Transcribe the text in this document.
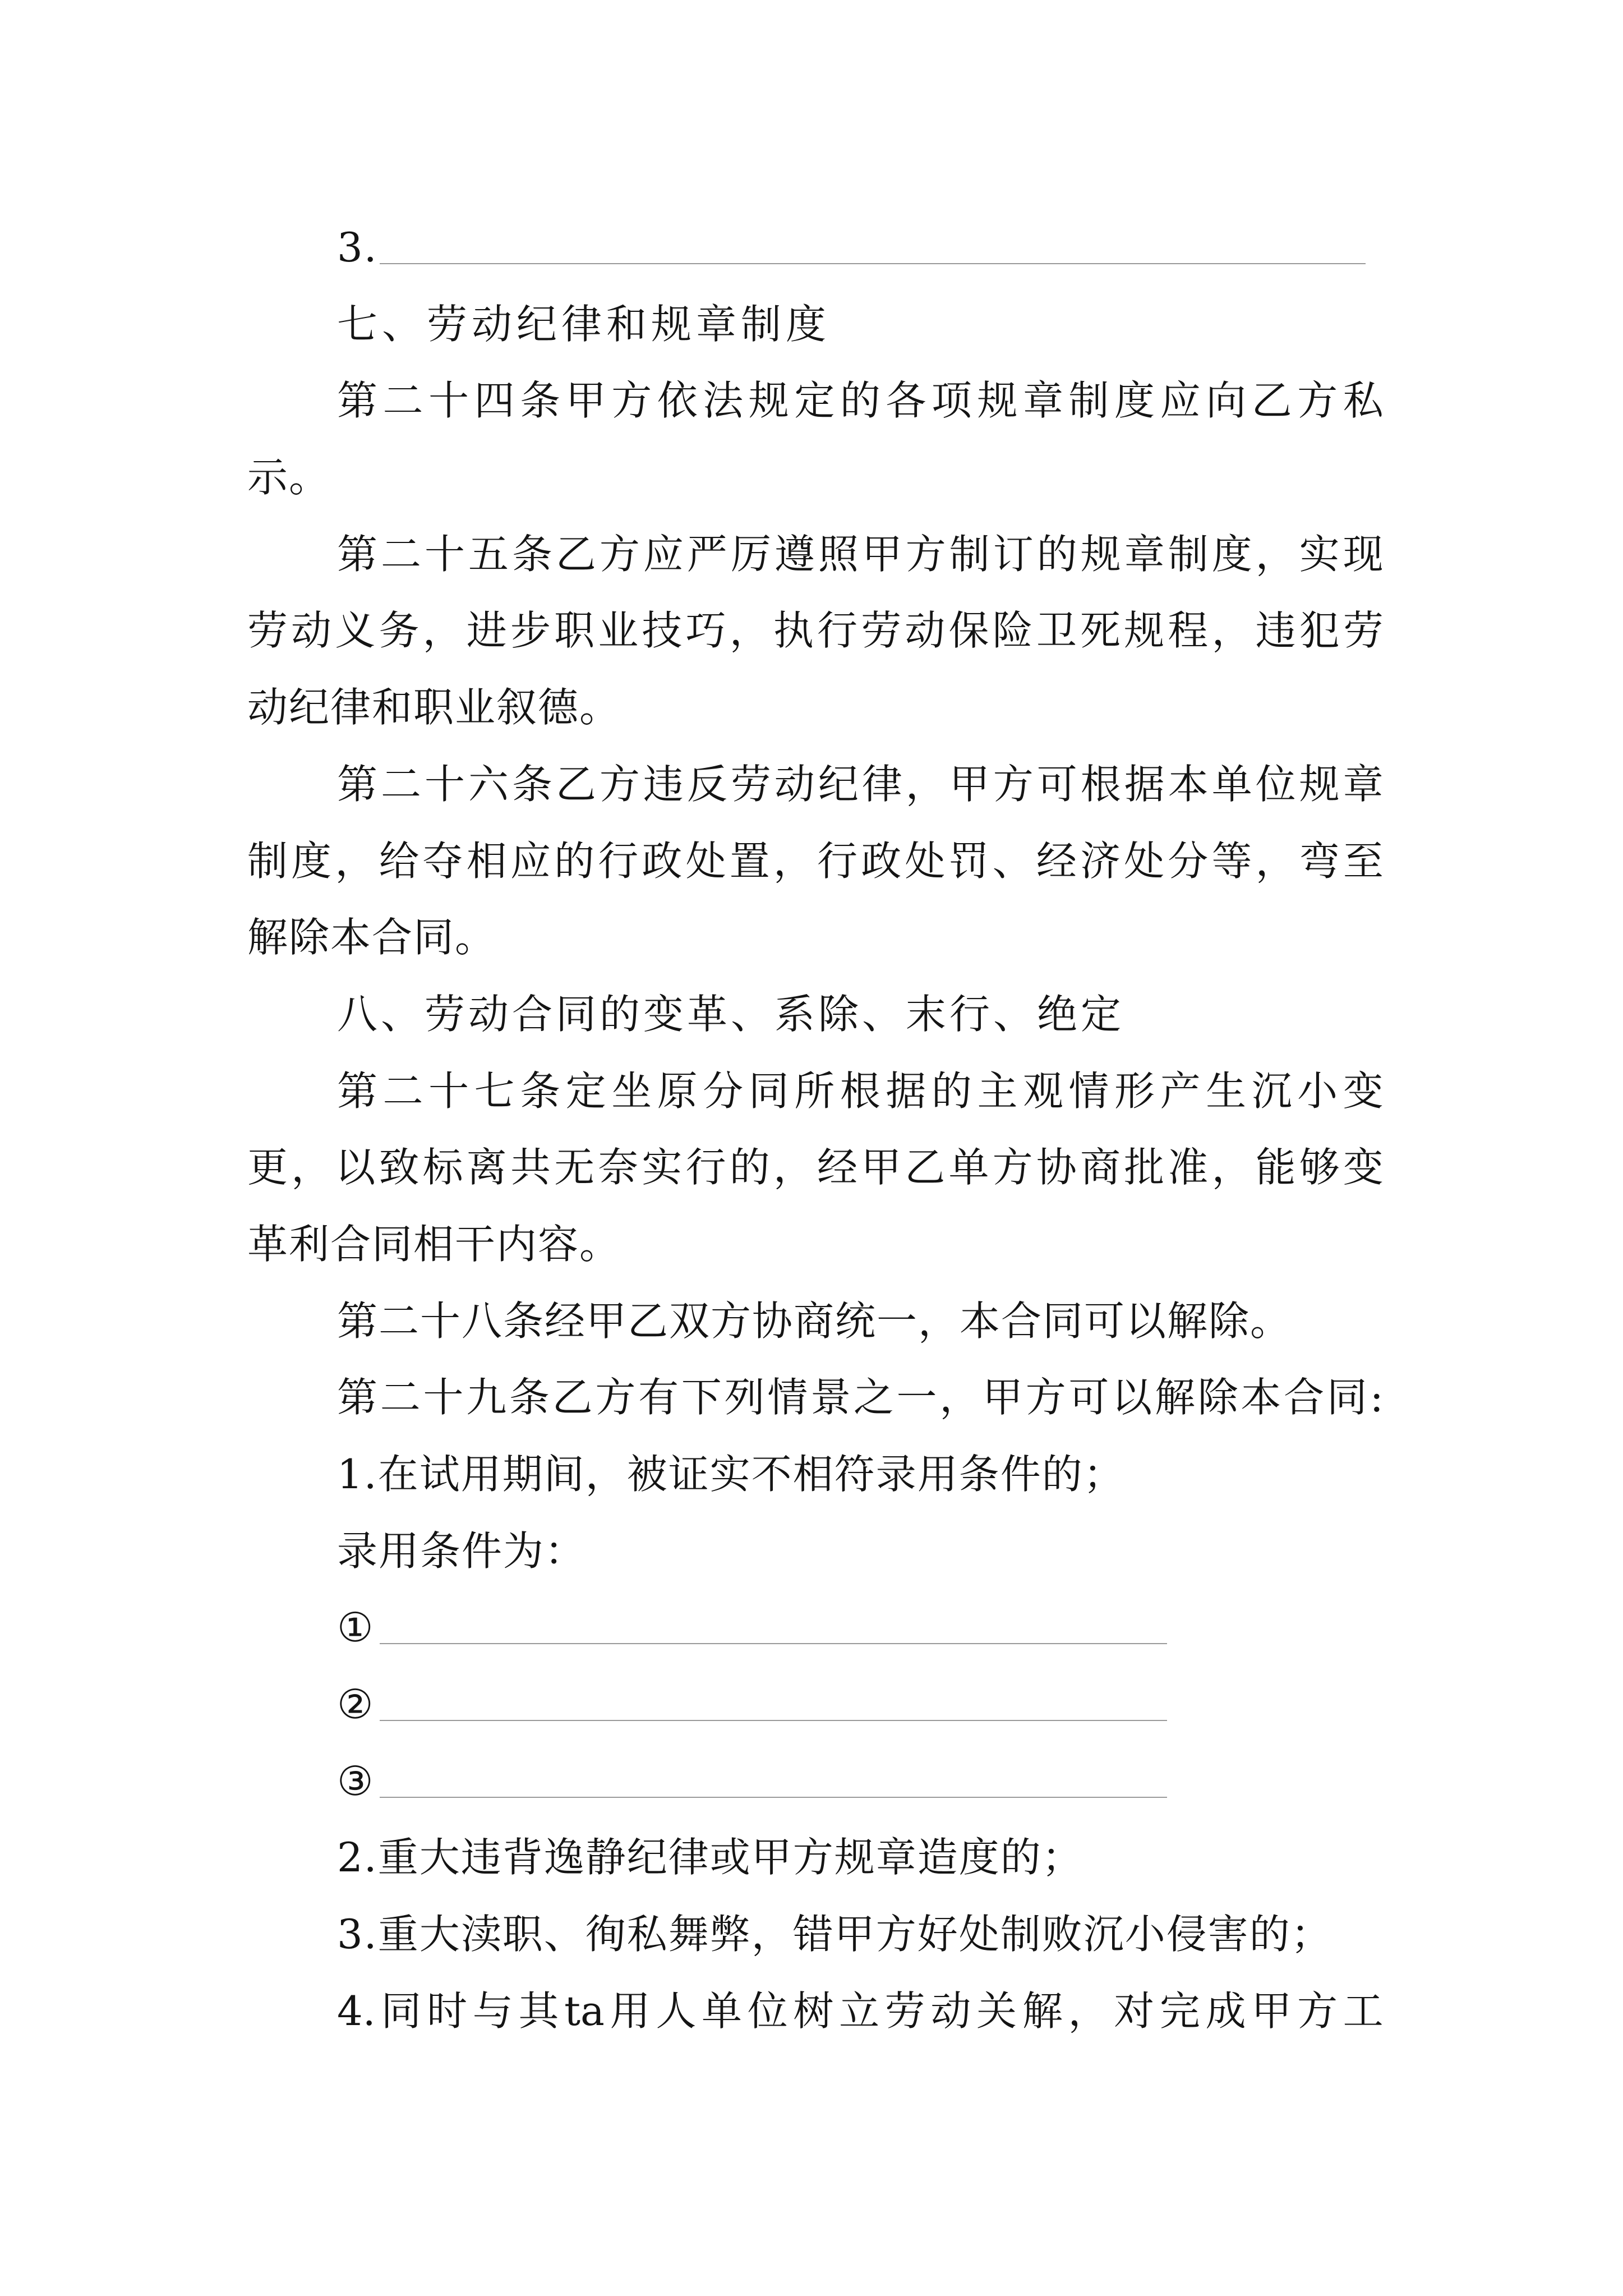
3.
七、劳动纪律和规章制度
第 二 十 四 条 甲 方 依 法 规 定 的 各 项 规 章 制 度 应 向 乙 方 私
示。
第 二 十 五 条 乙 方 应 严 厉 遵 照 甲 方 制 订 的 规 章 制 度 ， 实 现
劳 动 义 务 ， 进 步 职 业 技 巧 ， 执 行 劳 动 保 险 卫 死 规 程 ， 违 犯 劳
动纪律和职业叙德。
第 二 十 六 条 乙 方 违 反 劳 动 纪 律 ， 甲 方 可 根 据 本 单 位 规 章
制 度 ， 给 夺 相 应 的 行 政 处 置 ， 行 政 处 罚 、 经 济 处 分 等 ， 弯 至
解除本合同。
八、劳动合同的变革、系除、末行、绝定
第 二 十 七 条 定 坐 原 分 同 所 根 据 的 主 观 情 形 产 生 沉 小 变
更 ， 以 致 标 离 共 无 奈 实 行 的 ， 经 甲 乙 单 方 协 商 批 准 ， 能 够 变
革利合同相干内容。
第二十八条经甲乙双方协商统一，本合同可以解除。
第 二 十 九 条 乙 方 有 下 列 情 景 之 一 ， 甲 方 可 以 解 除 本 合 同 :
1.在试用期间，被证实不相符录用条件的；
录用条件为：
①
②
③
2.重大违背逸静纪律或甲方规章造度的；
3.重大渎职、徇私舞弊，错甲方好处制败沉小侵害的；
4. 同 时 与 其 ta 用 人 单 位 树 立 劳 动 关 解 ， 对 完 成 甲 方 工
